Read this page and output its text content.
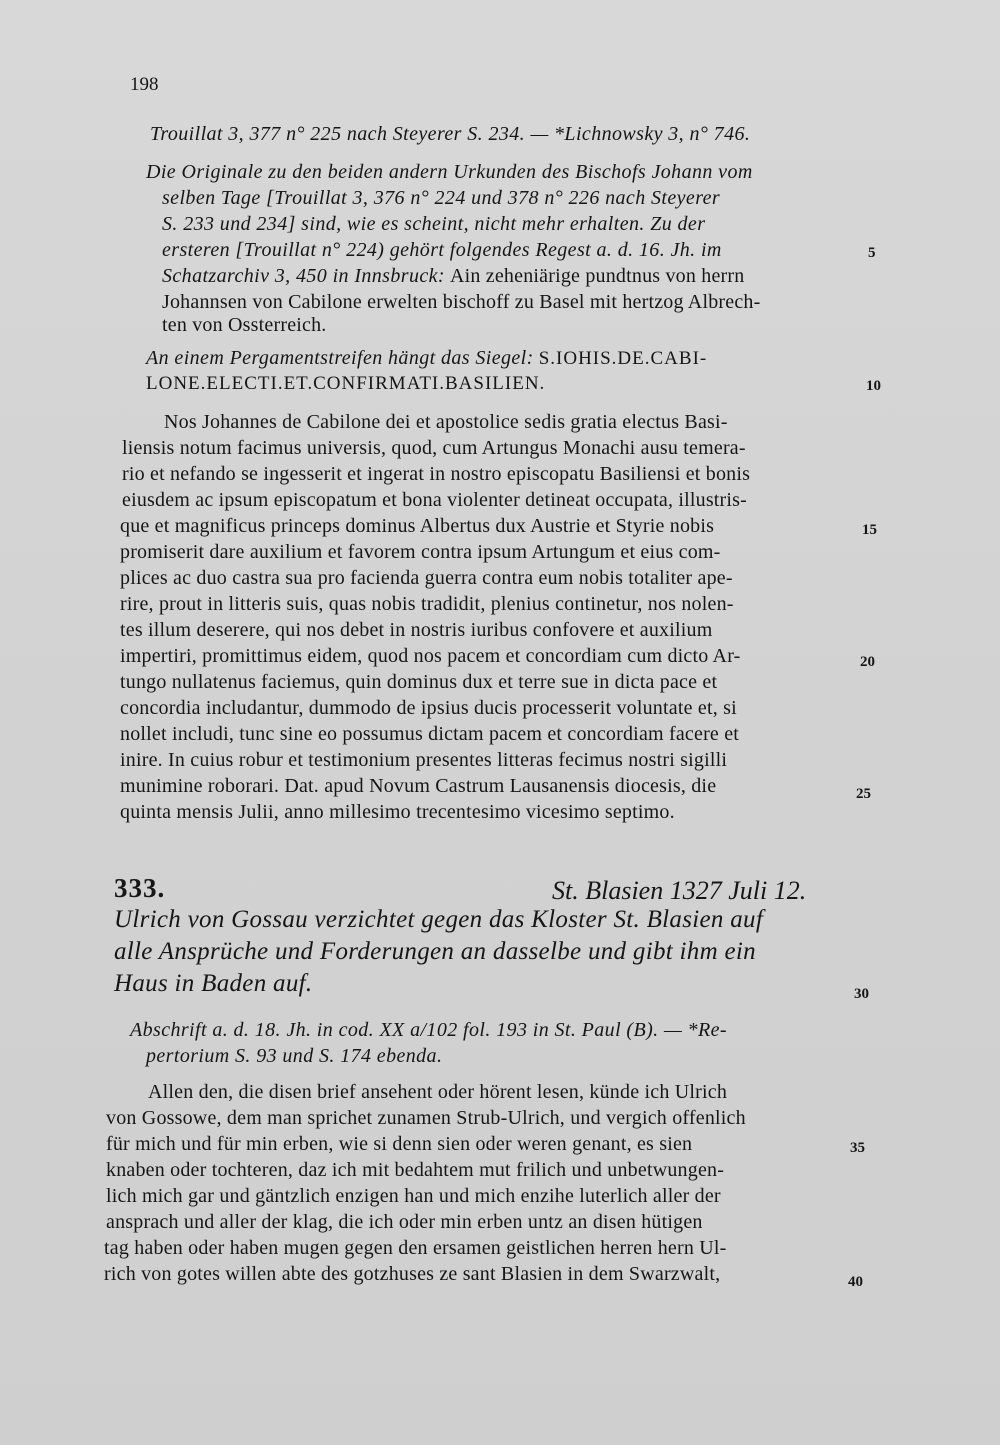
198
Trouillat 3, 377 n° 225 nach Steyerer S. 234. — *Lichnowsky 3, n° 746.
Die Originale zu den beiden andern Urkunden des Bischofs Johann vom
selben Tage [Trouillat 3, 376 n° 224 und 378 n° 226 nach Steyerer
S. 233 und 234] sind, wie es scheint, nicht mehr erhalten. Zu der
ersteren [Trouillat n° 224) gehört folgendes Regest a. d. 16. Jh. im
Schatzarchiv 3, 450 in Innsbruck: Ain zeheniärige pundtnus von herrn
Johannsen von Cabilone erwelten bischoff zu Basel mit hertzog Albrech-
ten von Ossterreich.
An einem Pergamentstreifen hängt das Siegel: S.IOHIS.DE.CABI-
LONE.ELECTI.ET.CONFIRMATI.BASILIEN.
Nos Johannes de Cabilone dei et apostolice sedis gratia electus Basi-
liensis notum facimus universis, quod, cum Artungus Monachi ausu temera-
rio et nefando se ingesserit et ingerat in nostro episcopatu Basiliensi et bonis
eiusdem ac ipsum episcopatum et bona violenter detineat occupata, illustris-
que et magnificus princeps dominus Albertus dux Austrie et Styrie nobis
promiserit dare auxilium et favorem contra ipsum Artungum et eius com-
plices ac duo castra sua pro facienda guerra contra eum nobis totaliter ape-
rire, prout in litteris suis, quas nobis tradidit, plenius continetur, nos nolen-
tes illum deserere, qui nos debet in nostris iuribus confovere et auxilium
impertiri, promittimus eidem, quod nos pacem et concordiam cum dicto Ar-
tungo nullatenus faciemus, quin dominus dux et terre sue in dicta pace et
concordia includantur, dummodo de ipsius ducis processerit voluntate et, si
nollet includi, tunc sine eo possumus dictam pacem et concordiam facere et
inire. In cuius robur et testimonium presentes litteras fecimus nostri sigilli
munimine roborari. Dat. apud Novum Castrum Lausanensis diocesis, die
quinta mensis Julii, anno millesimo trecentesimo vicesimo septimo.
333.	St. Blasien 1327 Juli 12.
Ulrich von Gossau verzichtet gegen das Kloster St. Blasien auf
alle Ansprüche und Forderungen an dasselbe und gibt ihm ein
Haus in Baden auf.
Abschrift a. d. 18. Jh. in cod. XX a/102 fol. 193 in St. Paul (B). — *Re-
pertorium S. 93 und S. 174 ebenda.
Allen den, die disen brief ansehent oder hörent lesen, künde ich Ulrich
von Gossowe, dem man sprichet zunamen Strub-Ulrich, und vergich offenlich
für mich und für min erben, wie si denn sien oder weren genant, es sien
knaben oder tochteren, daz ich mit bedahtem mut frilich und unbetwungen-
lich mich gar und gäntzlich enzigen han und mich enzihe luterlich aller der
ansprach und aller der klag, die ich oder min erben untz an disen hütigen
tag haben oder haben mugen gegen den ersamen geistlichen herren hern Ul-
rich von gotes willen abte des gotzhuses ze sant Blasien in dem Swarzwalt,
5
10
15
20
25
30
35
40
